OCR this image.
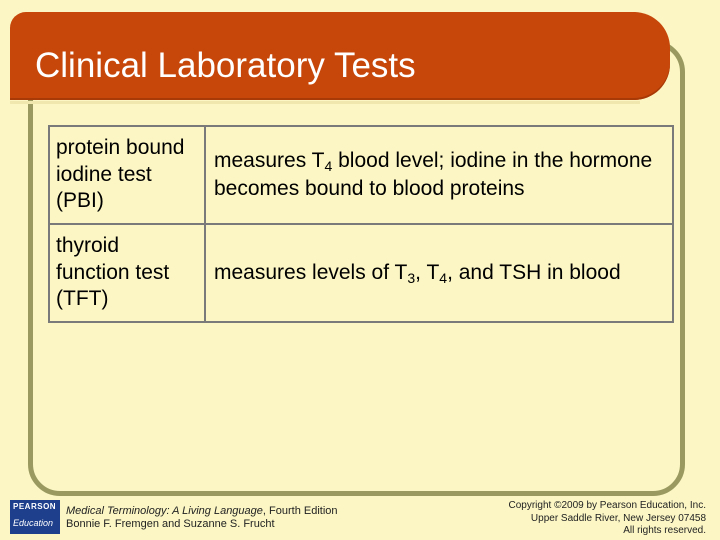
Clinical Laboratory Tests
protein bound iodine test (PBI)	measures $T_4$ blood level; iodine in the hormone becomes bound to blood proteins
thyroid function test (TFT)	measures levels of $T_3$, $T_4$, and TSH in blood
PEARSON
Education
Medical Terminology: A Living Language, Fourth Edition
Bonnie F. Fremgen and Suzanne S. Frucht
Copyright ©2009 by Pearson Education, Inc.
Upper Saddle River, New Jersey 07458
All rights reserved.
